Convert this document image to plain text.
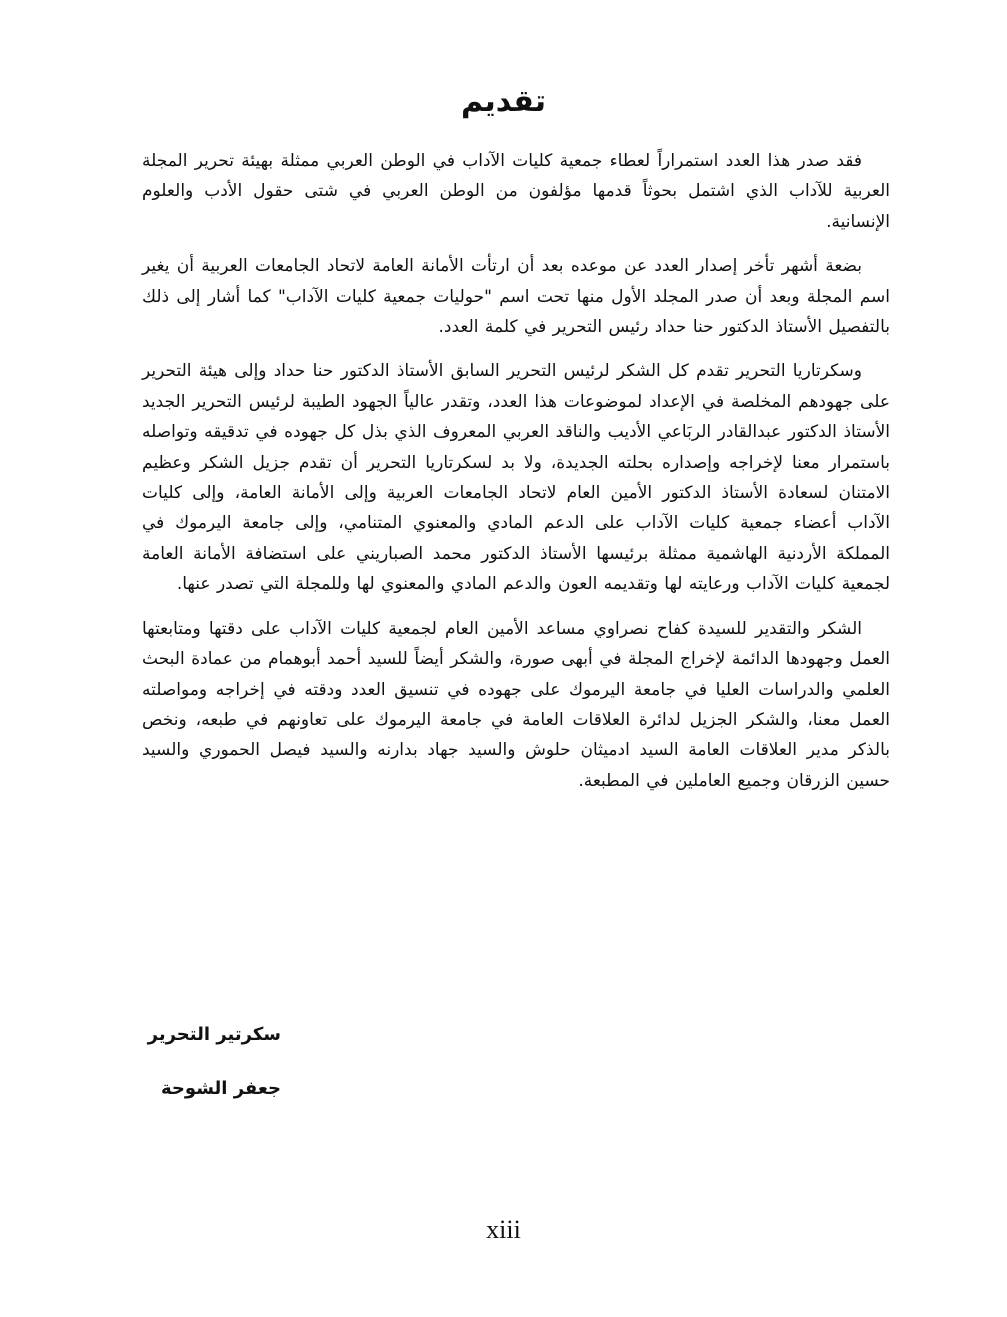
تقديم

فقد صدر هذا العدد استمراراً لعطاء جمعية كليات الآداب في الوطن العربي ممثلة بهيئة تحرير المجلة العربية للآداب الذي اشتمل بحوثاً قدمها مؤلفون من الوطن العربي في شتى حقول الأدب والعلوم الإنسانية.

بضعة أشهر تأخر إصدار العدد عن موعده بعد أن ارتأت الأمانة العامة لاتحاد الجامعات العربية أن يغير اسم المجلة وبعد أن صدر المجلد الأول منها تحت اسم "حوليات جمعية كليات الآداب" كما أشار إلى ذلك بالتفصيل الأستاذ الدكتور حنا حداد رئيس التحرير في كلمة العدد.

وسكرتاريا التحرير تقدم كل الشكر لرئيس التحرير السابق الأستاذ الدكتور حنا حداد وإلى هيئة التحرير على جهودهم المخلصة في الإعداد لموضوعات هذا العدد، وتقدر عالياً الجهود الطيبة لرئيس التحرير الجديد الأستاذ الدكتور عبدالقادر الربَاعي الأديب والناقد العربي المعروف الذي بذل كل جهوده في تدقيقه وتواصله باستمرار معنا لإخراجه وإصداره بحلته الجديدة، ولا بد لسكرتاريا التحرير أن تقدم جزيل الشكر وعظيم الامتنان لسعادة الأستاذ الدكتور الأمين العام لاتحاد الجامعات العربية وإلى الأمانة العامة، وإلى كليات الآداب أعضاء جمعية كليات الآداب على الدعم المادي والمعنوي المتنامي، وإلى جامعة اليرموك في المملكة الأردنية الهاشمية ممثلة برئيسها الأستاذ الدكتور محمد الصباريني على استضافة الأمانة العامة لجمعية كليات الآداب ورعايته لها وتقديمه العون والدعم المادي والمعنوي لها وللمجلة التي تصدر عنها.

الشكر والتقدير للسيدة كفاح نصراوي مساعد الأمين العام لجمعية كليات الآداب على دقتها ومتابعتها العمل وجهودها الدائمة لإخراج المجلة في أبهى صورة، والشكر أيضاً للسيد أحمد أبوهمام من عمادة البحث العلمي والدراسات العليا في جامعة اليرموك على جهوده في تنسيق العدد ودقته في إخراجه ومواصلته العمل معنا، والشكر الجزيل لدائرة العلاقات العامة في جامعة اليرموك على تعاونهم في طبعه، ونخص بالذكر مدير العلاقات العامة السيد ادميثان حلوش والسيد جهاد بدارنه والسيد فيصل الحموري والسيد حسين الزرقان وجميع العاملين في المطبعة.

سكرتير التحرير

جعفر الشوحة

xiii
